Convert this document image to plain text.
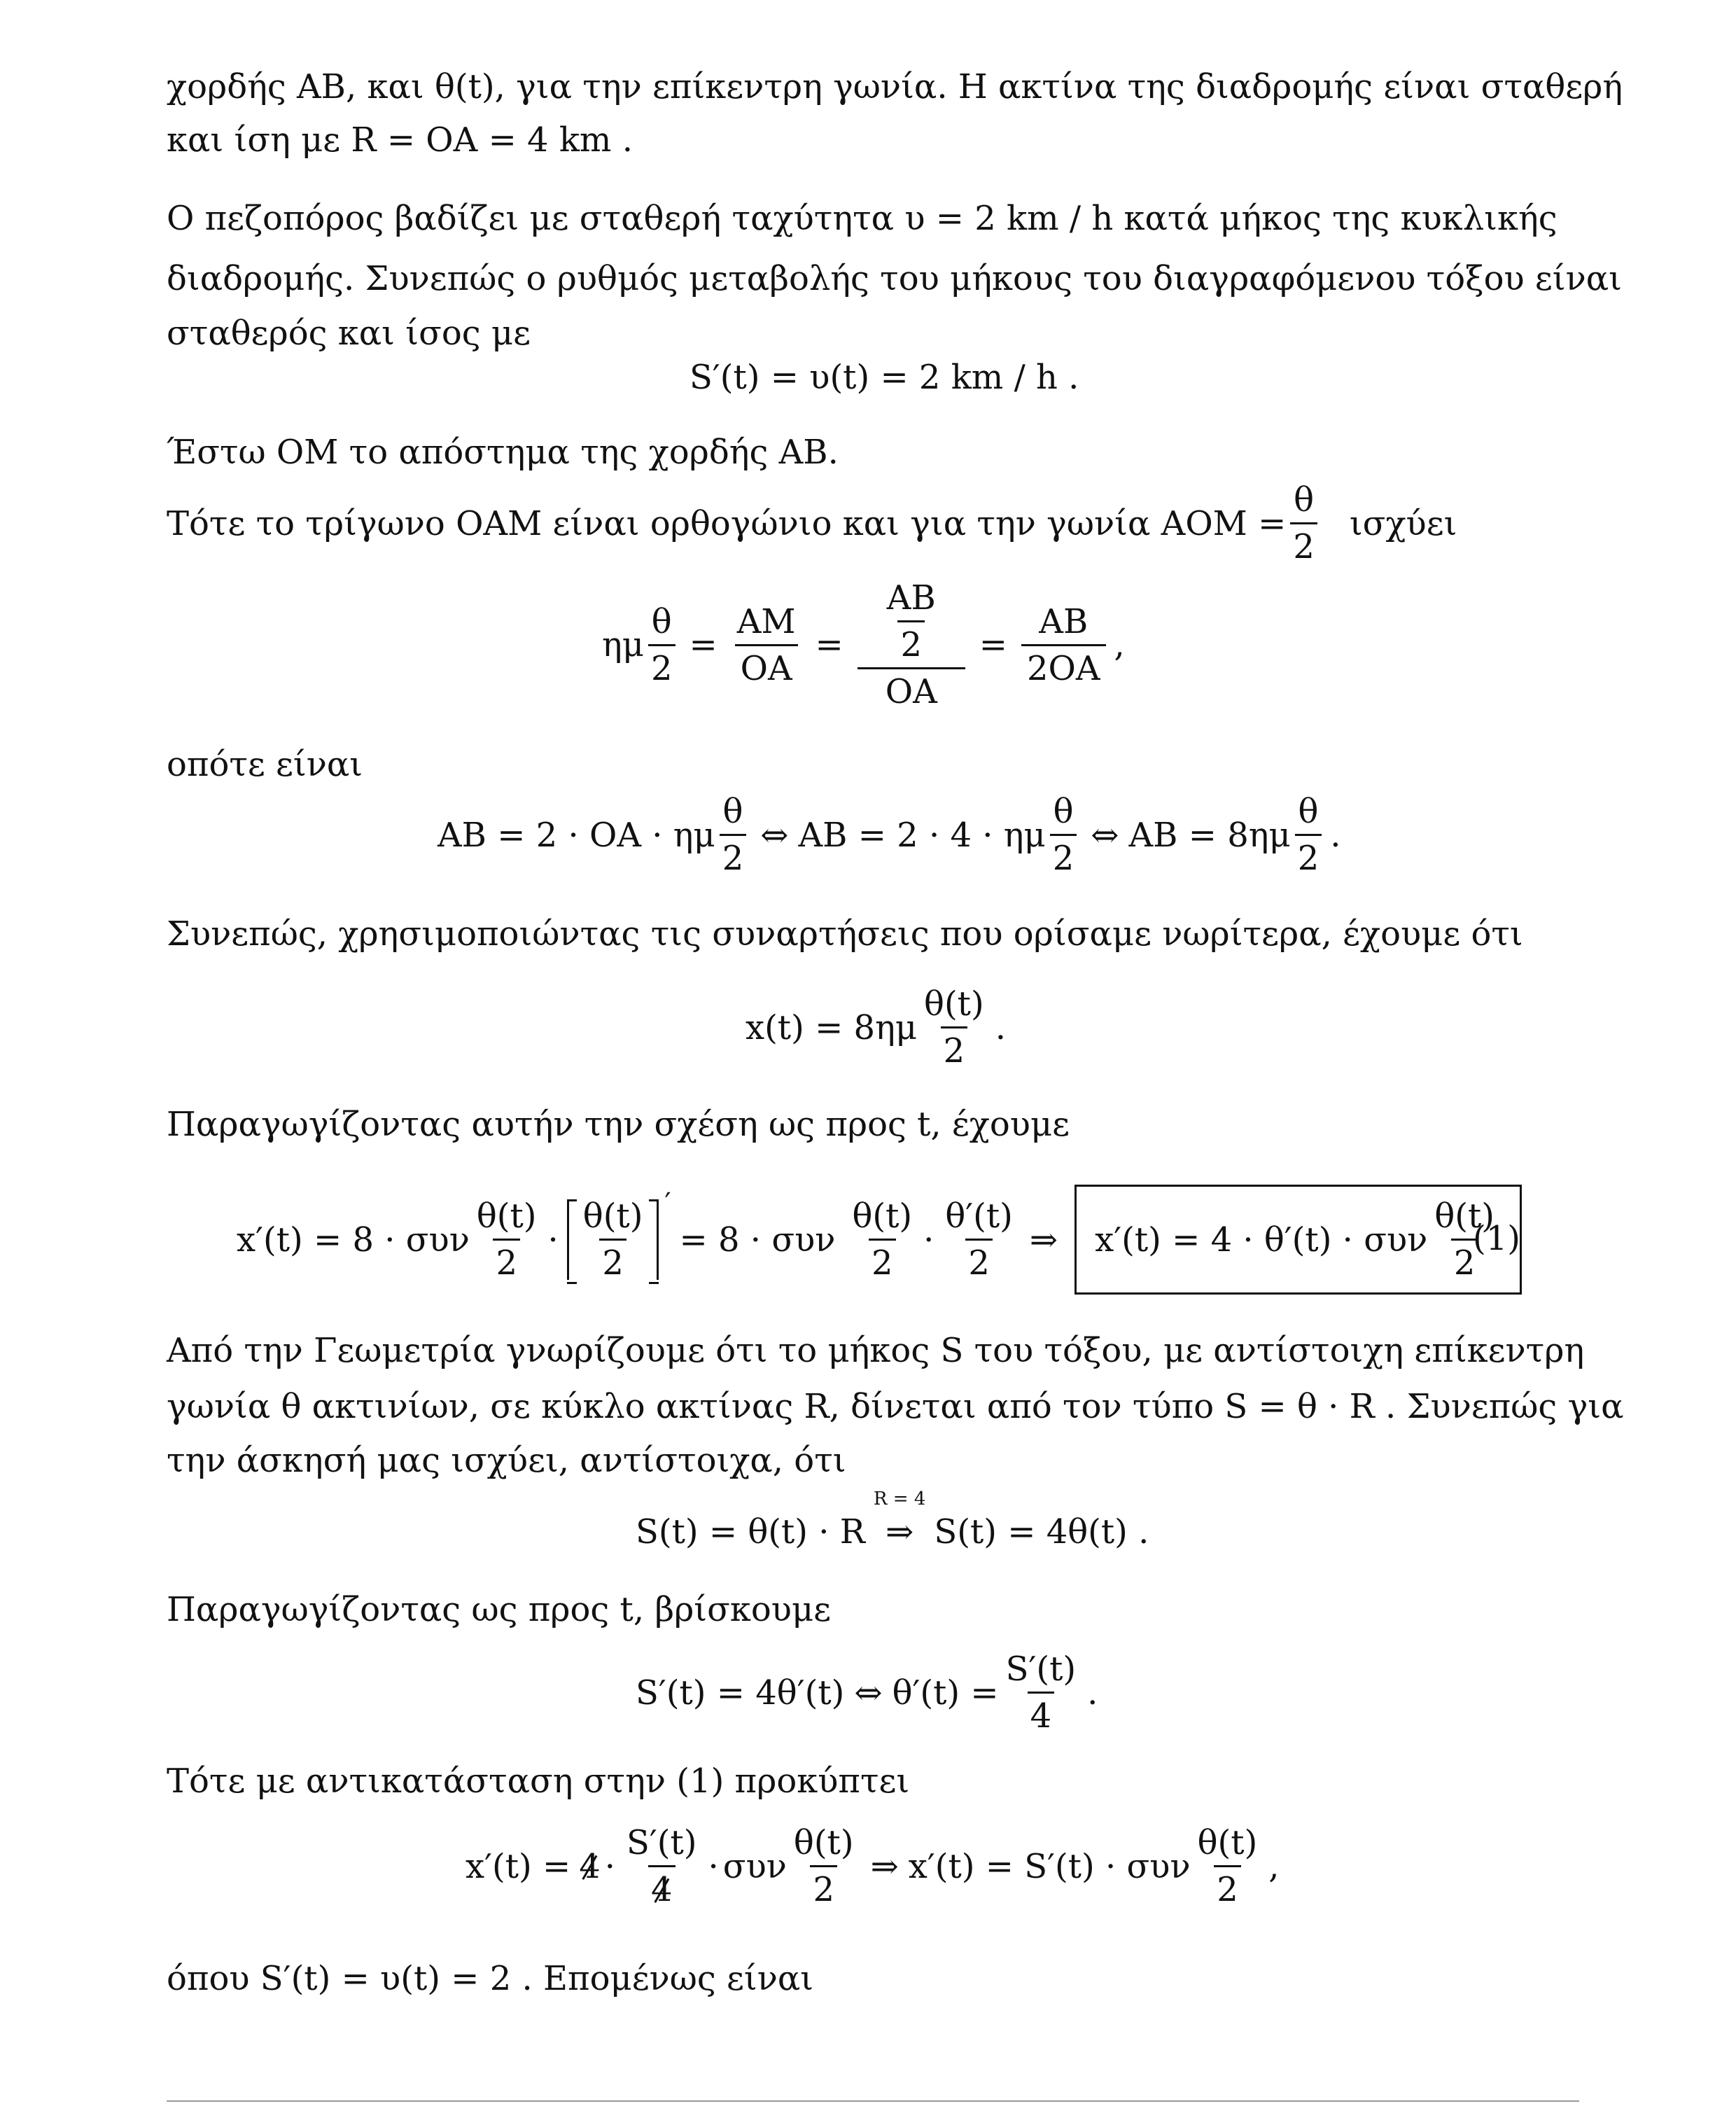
χορδής ΑΒ, και θ(t), για την επίκεντρη γωνία. Η ακτίνα της διαδρομής είναι σταθερή
και ίση με R = OA = 4 km .
Ο πεζοπόρος βαδίζει με σταθερή ταχύτητα υ = 2 km / h κατά μήκος της κυκλικής
διαδρομής. Συνεπώς ο ρυθμός μεταβολής του μήκους του διαγραφόμενου τόξου είναι
σταθερός και ίσος με
S′(t) = υ(t) = 2 km / h .
Έστω ΟΜ το απόστημα της χορδής ΑΒ.
Τότε το τρίγωνο ΟΑΜ είναι ορθογώνιο και για την γωνία $AOM = \frac{\theta}{2}$ ισχύει
ημ $\frac{\theta}{2} = \frac{AM}{OA} = \frac{\frac{AB}{2}}{OA} = \frac{AB}{2OA}$ ,
οπότε είναι
ΑΒ = 2 · ΟΑ · ημ $\frac{\theta}{2}$ ⇔ ΑΒ = 2 · 4 · ημ $\frac{\theta}{2}$ ⇔ $AB = 8\eta\mu \frac{\theta}{2}$ .
Συνεπώς, χρησιμοποιώντας τις συναρτήσεις που ορίσαμε νωρίτερα, έχουμε ότι
$x(t) = 8\eta\mu \frac{\theta(t)}{2}$ .
Παραγωγίζοντας αυτήν την σχέση ως προς t, έχουμε
x′(t) = 8 · συν $\frac{\theta(t)}{2} \cdot \frac{\theta(t)}{2}$ ′
= 8 · συν $\frac{\theta(t)}{2} \cdot \frac{\theta'(t)}{2}$ ⇒ x′(t) = 4 · θ′(t) · συν $\frac{\theta(t)}{2}$
(1)
Από την Γεωμετρία γνωρίζουμε ότι το μήκος S του τόξου, με αντίστοιχη επίκεντρη
γωνία θ ακτινίων, σε κύκλο ακτίνας R, δίνεται από τον τύπο S = θ · R . Συνεπώς για
την άσκησή μας ισχύει, αντίστοιχα, ότι
S(t) = θ(t) · R
R = 4
⇒ S(t) = 4θ(t) .
Παραγωγίζοντας ως προς t, βρίσκουμε
S′(t) = 4θ′(t) ⇔ $\theta'(t) = \frac{S'(t)}{4}$ .
Τότε με αντικατάσταση στην (1) προκύπτει
$x'(t) = 4 \cdot \frac{S'(t)}{4} \cdot \sigma\upsilon\nu \frac{\theta(t)}{2}$ ⇒ x′(t) = S′(t) · συν $\frac{\theta(t)}{2}$ ,
όπου S′(t) = υ(t) = 2 . Επομένως είναι
